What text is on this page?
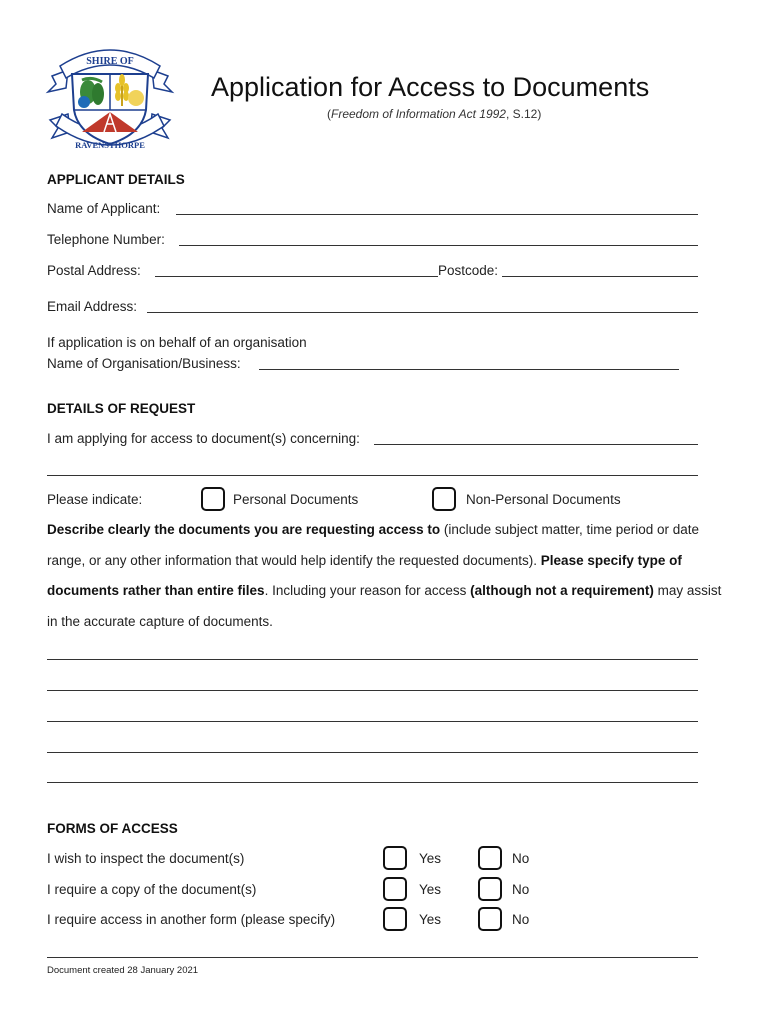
SHIRE OF
RAVENSTHORPE
Application for Access to Documents
(Freedom of Information Act 1992, S.12)
APPLICANT DETAILS
Name of Applicant:
Telephone Number:
Postal Address:	Postcode:
Email Address:
If application is on behalf of an organisation
Name of Organisation/Business:
DETAILS OF REQUEST
I am applying for access to document(s) concerning:
Please indicate:	Personal Documents	Non-Personal Documents
Describe clearly the documents you are requesting access to (include subject matter, time period or date range, or any other information that would help identify the requested documents). Please specify type of documents rather than entire files. Including your reason for access (although not a requirement) may assist in the accurate capture of documents.
FORMS OF ACCESS
I wish to inspect the document(s)	Yes	No
I require a copy of the document(s)	Yes	No
I require access in another form (please specify)	Yes	No
Document created 28 January 2021
